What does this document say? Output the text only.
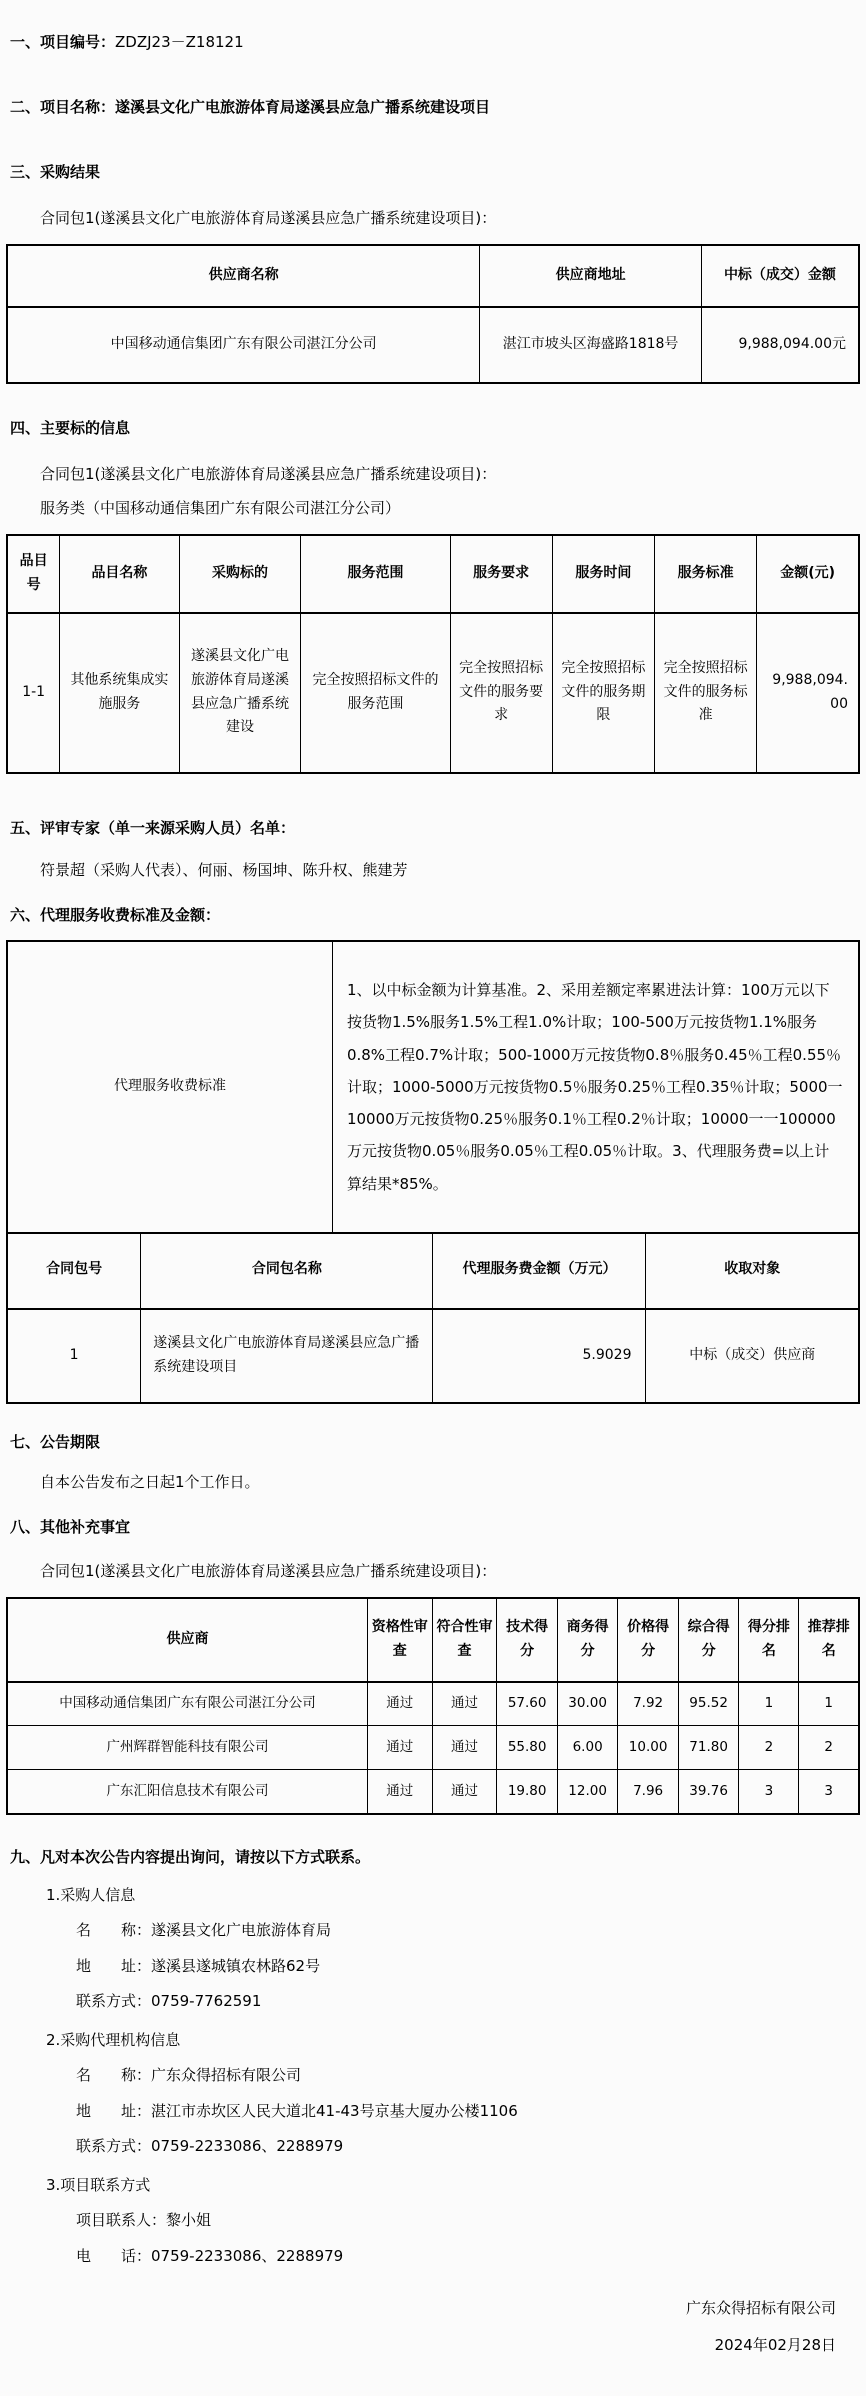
一、项目编号：ZDZJ23－Z18121
二、项目名称：遂溪县文化广电旅游体育局遂溪县应急广播系统建设项目
三、采购结果
合同包1(遂溪县文化广电旅游体育局遂溪县应急广播系统建设项目)：
供应商名称	供应商地址	中标（成交）金额
中国移动通信集团广东有限公司湛江分公司	湛江市坡头区海盛路1818号	9,988,094.00元
四、主要标的信息
合同包1(遂溪县文化广电旅游体育局遂溪县应急广播系统建设项目)：
服务类（中国移动通信集团广东有限公司湛江分公司）
品目号	品目名称	采购标的	服务范围	服务要求	服务时间	服务标准	金额(元)
1-1	其他系统集成实施服务	遂溪县文化广电旅游体育局遂溪县应急广播系统建设	完全按照招标文件的服务范围	完全按照招标文件的服务要求	完全按照招标文件的服务期限	完全按照招标文件的服务标准	9,988,094.00
五、评审专家（单一来源采购人员）名单：
符景超（采购人代表）、何丽、杨国坤、陈升权、熊建芳
六、代理服务收费标准及金额：
代理服务收费标准	1、以中标金额为计算基准。2、采用差额定率累进法计算：100万元以下按货物1.5%服务1.5%工程1.0%计取；100-500万元按货物1.1%服务0.8%工程0.7%计取；500-1000万元按货物0.8％服务0.45％工程0.55％计取；1000-5000万元按货物0.5％服务0.25％工程0.35％计取；5000一10000万元按货物0.25％服务0.1％工程0.2％计取；10000一一100000万元按货物0.05％服务0.05％工程0.05％计取。3、代理服务费=以上计算结果*85%。
合同包号	合同包名称	代理服务费金额（万元）	收取对象
1	遂溪县文化广电旅游体育局遂溪县应急广播系统建设项目	5.9029	中标（成交）供应商
七、公告期限
自本公告发布之日起1个工作日。
八、其他补充事宜
合同包1(遂溪县文化广电旅游体育局遂溪县应急广播系统建设项目)：
供应商	资格性审查	符合性审查	技术得分	商务得分	价格得分	综合得分	得分排名	推荐排名
中国移动通信集团广东有限公司湛江分公司	通过	通过	57.60	30.00	7.92	95.52	1	1
广州辉群智能科技有限公司	通过	通过	55.80	6.00	10.00	71.80	2	2
广东汇阳信息技术有限公司	通过	通过	19.80	12.00	7.96	39.76	3	3
九、凡对本次公告内容提出询问，请按以下方式联系。
1.采购人信息
名　　称：遂溪县文化广电旅游体育局
地　　址：遂溪县遂城镇农林路62号
联系方式：0759-7762591
2.采购代理机构信息
名　　称：广东众得招标有限公司
地　　址：湛江市赤坎区人民大道北41-43号京基大厦办公楼1106
联系方式：0759-2233086、2288979
3.项目联系方式
项目联系人：黎小姐
电　　话：0759-2233086、2288979
广东众得招标有限公司
2024年02月28日
